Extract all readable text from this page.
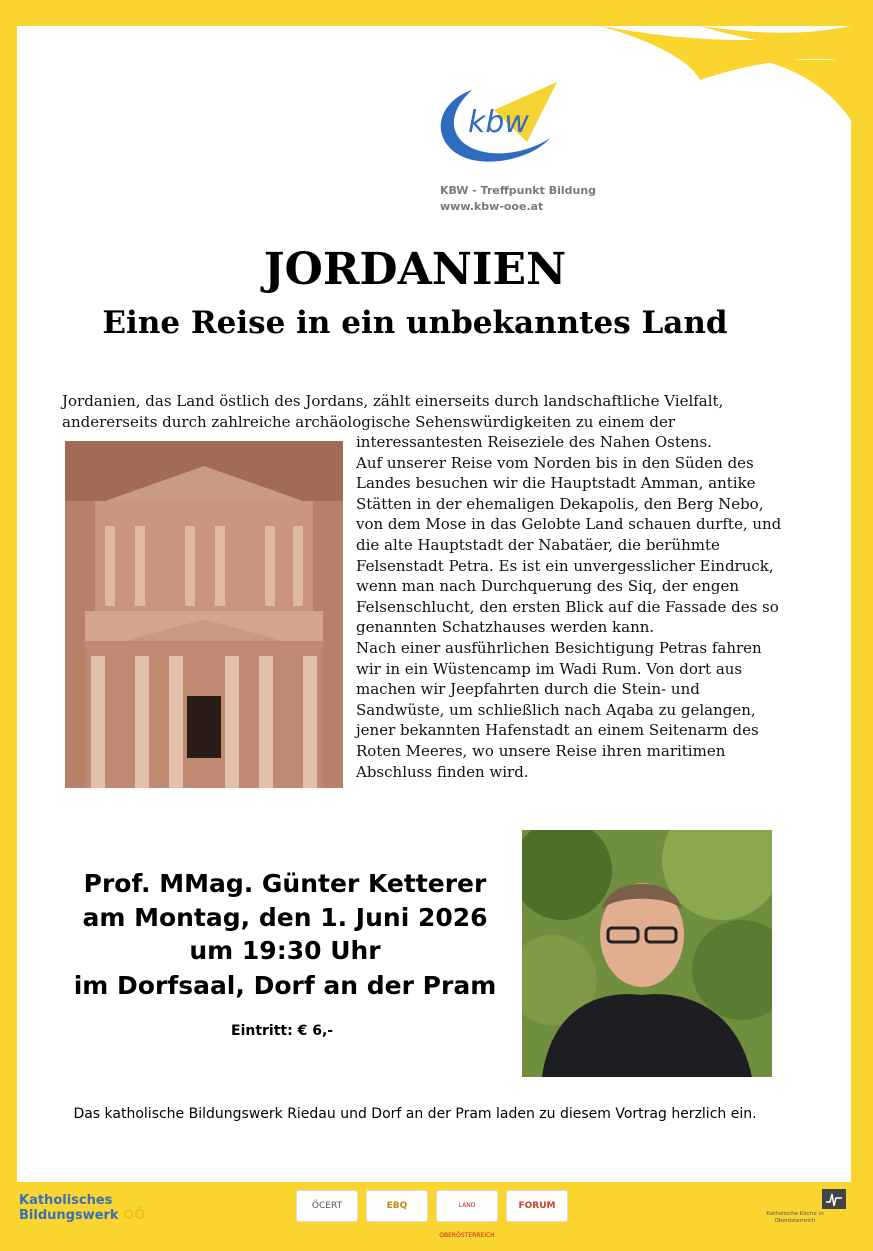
kbw
KBW - Treffpunkt Bildung
www.kbw-ooe.at
JORDANIEN
Eine Reise in ein unbekanntes Land
Jordanien, das Land östlich des Jordans, zählt einerseits durch landschaftliche Vielfalt, andererseits durch zahlreiche archäologische Sehenswürdigkeiten zu einem der

interessantesten Reiseziele des Nahen Ostens.

Auf unserer Reise vom Norden bis in den Süden des Landes besuchen wir die Hauptstadt Amman, antike Stätten in der ehemaligen Dekapolis, den Berg Nebo, von dem Mose in das Gelobte Land schauen durfte, und die alte Hauptstadt der Nabatäer, die berühmte Felsenstadt Petra. Es ist ein unvergesslicher Eindruck, wenn man nach Durchquerung des Siq, der engen Felsenschlucht, den ersten Blick auf die Fassade des so genannten Schatzhauses werden kann.

Nach einer ausführlichen Besichtigung Petras fahren wir in ein Wüstencamp im Wadi Rum. Von dort aus machen wir Jeepfahrten durch die Stein- und Sandwüste, um schließlich nach Aqaba zu gelangen, jener bekannten Hafenstadt an einem Seitenarm des Roten Meeres, wo unsere Reise ihren maritimen Abschluss finden wird.

Prof. MMag. Günter Ketterer
am Montag, den 1. Juni 2026
um 19:30 Uhr
im Dorfsaal, Dorf an der Pram
Eintritt: € 6,-
Das katholische Bildungswerk Riedau und Dorf an der Pram laden zu diesem Vortrag herzlich ein.
Katholisches
Bildungswerk OÖ
ÖCERT	EBQ	LAND OBERÖSTERREICH
FORUM
Katholische Kirche in Oberösterreich
